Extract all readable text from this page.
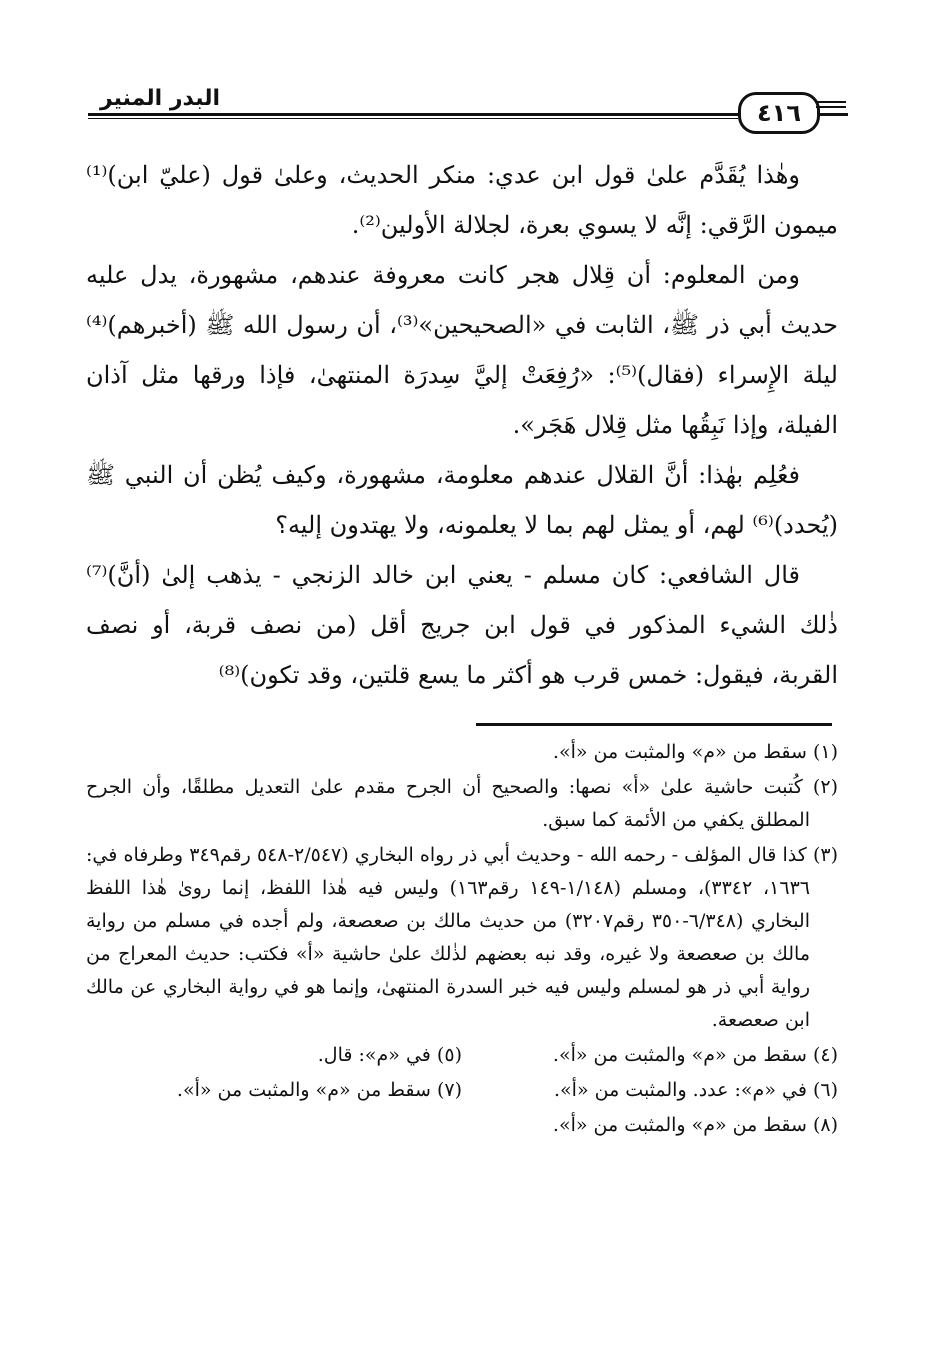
البدر المنير
٤١٦

وهٰذا يُقَدَّم علىٰ قول ابن عدي: منكر الحديث، وعلىٰ قول (عليّ ابن)⁽¹⁾ ميمون الرَّقي: إنَّه لا يسوي بعرة، لجلالة الأولين⁽²⁾.

ومن المعلوم: أن قِلال هجر كانت معروفة عندهم، مشهورة، يدل عليه حديث أبي ذر ﷺ، الثابت في «الصحيحين»⁽³⁾، أن رسول الله ﷺ (أخبرهم)⁽⁴⁾ ليلة الإِسراء (فقال)⁽⁵⁾: «رُفِعَتْ إليَّ سِدرَة المنتهىٰ، فإذا ورقها مثل آذان الفيلة، وإذا نَبِقُها مثل قِلال هَجَر».

فعُلِم بهٰذا: أنَّ القلال عندهم معلومة، مشهورة، وكيف يُظن أن النبي ﷺ (يُحدد)⁽⁶⁾ لهم، أو يمثل لهم بما لا يعلمونه، ولا يهتدون إليه؟

قال الشافعي: كان مسلم - يعني ابن خالد الزنجي - يذهب إلىٰ (أنَّ)⁽⁷⁾ ذٰلك الشيء المذكور في قول ابن جريج أقل (من نصف قربة، أو نصف القربة، فيقول: خمس قرب هو أكثر ما يسع قلتين، وقد تكون)⁽⁸⁾

(١) سقط من «م» والمثبت من «أ».

(٢) كُتبت حاشية علىٰ «أ» نصها: والصحيح أن الجرح مقدم علىٰ التعديل مطلقًا، وأن الجرح المطلق يكفي من الأئمة كما سبق.

(٣) كذا قال المؤلف - رحمه الله - وحديث أبي ذر رواه البخاري (٢/٥٤٧-٥٤٨ رقم٣٤٩ وطرفاه في: ١٦٣٦، ٣٣٤٢)، ومسلم (١/١٤٨-١٤٩ رقم١٦٣) وليس فيه هٰذا اللفظ، إنما روىٰ هٰذا اللفظ البخاري (٦/٣٤٨-٣٥٠ رقم٣٢٠٧) من حديث مالك بن صعصعة، ولم أجده في مسلم من رواية مالك بن صعصعة ولا غيره، وقد نبه بعضهم لذٰلك علىٰ حاشية «أ» فكتب: حديث المعراج من رواية أبي ذر هو لمسلم وليس فيه خبر السدرة المنتهىٰ، وإنما هو في رواية البخاري عن مالك ابن صعصعة.

(٤) سقط من «م» والمثبت من «أ».

(٥) في «م»: قال.

(٦) في «م»: عدد. والمثبت من «أ».

(٧) سقط من «م» والمثبت من «أ».

(٨) سقط من «م» والمثبت من «أ».
